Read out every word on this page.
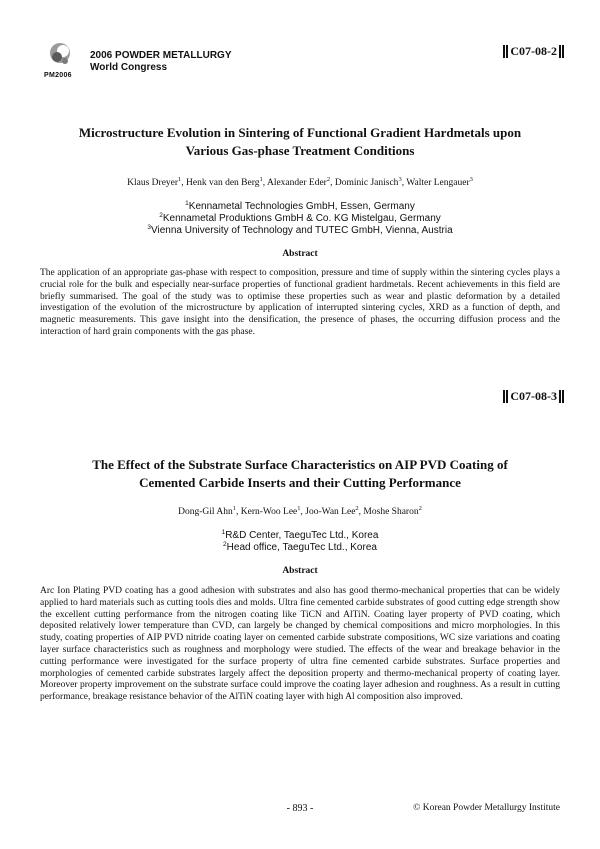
PM2006
2006 POWDER METALLURGY
World Congress
C07-08-2
Microstructure Evolution in Sintering of Functional Gradient Hardmetals upon
Various Gas-phase Treatment Conditions
Klaus Dreyer$^1$, Henk van den Berg$^1$, Alexander Eder$^2$, Dominic Janisch$^3$, Walter Lengauer$^3$
$^1$Kennametal Technologies GmbH, Essen, Germany
$^2$Kennametal Produktions GmbH & Co. KG Mistelgau, Germany
$^3$Vienna University of Technology and TUTEC GmbH, Vienna, Austria
Abstract
The application of an appropriate gas-phase with respect to composition, pressure and time of supply within the sintering cycles plays a crucial role for the bulk and especially near-surface properties of functional gradient hardmetals. Recent achievements in this field are briefly summarised. The goal of the study was to optimise these properties such as wear and plastic deformation by a detailed investigation of the evolution of the microstructure by application of interrupted sintering cycles, XRD as a function of depth, and magnetic measurements. This gave insight into the densification, the presence of phases, the occurring diffusion process and the interaction of hard grain components with the gas phase.
C07-08-3
The Effect of the Substrate Surface Characteristics on AIP PVD Coating of
Cemented Carbide Inserts and their Cutting Performance
Dong-Gil Ahn$^1$, Kern-Woo Lee$^1$, Joo-Wan Lee$^2$, Moshe Sharon$^2$
$^1$R&D Center, TaeguTec Ltd., Korea
$^2$Head office, TaeguTec Ltd., Korea
Abstract
Arc Ion Plating PVD coating has a good adhesion with substrates and also has good thermo-mechanical properties that can be widely applied to hard materials such as cutting tools dies and molds. Ultra fine cemented carbide substrates of good cutting edge strength show the excellent cutting performance from the nitrogen coating like TiCN and AlTiN. Coating layer property of PVD coating, which deposited relatively lower temperature than CVD, can largely be changed by chemical compositions and micro morphologies. In this study, coating properties of AIP PVD nitride coating layer on cemented carbide substrate compositions, WC size variations and coating layer surface characteristics such as roughness and morphology were studied. The effects of the wear and breakage behavior in the cutting performance were investigated for the surface property of ultra fine cemented carbide substrates. Surface properties and morphologies of cemented carbide substrates largely affect the deposition property and thermo-mechanical property of coating layer. Moreover property improvement on the substrate surface could improve the coating layer adhesion and roughness. As a result in cutting performance, breakage resistance behavior of the AlTiN coating layer with high Al composition also improved.
- 893 -	© Korean Powder Metallurgy Institute
